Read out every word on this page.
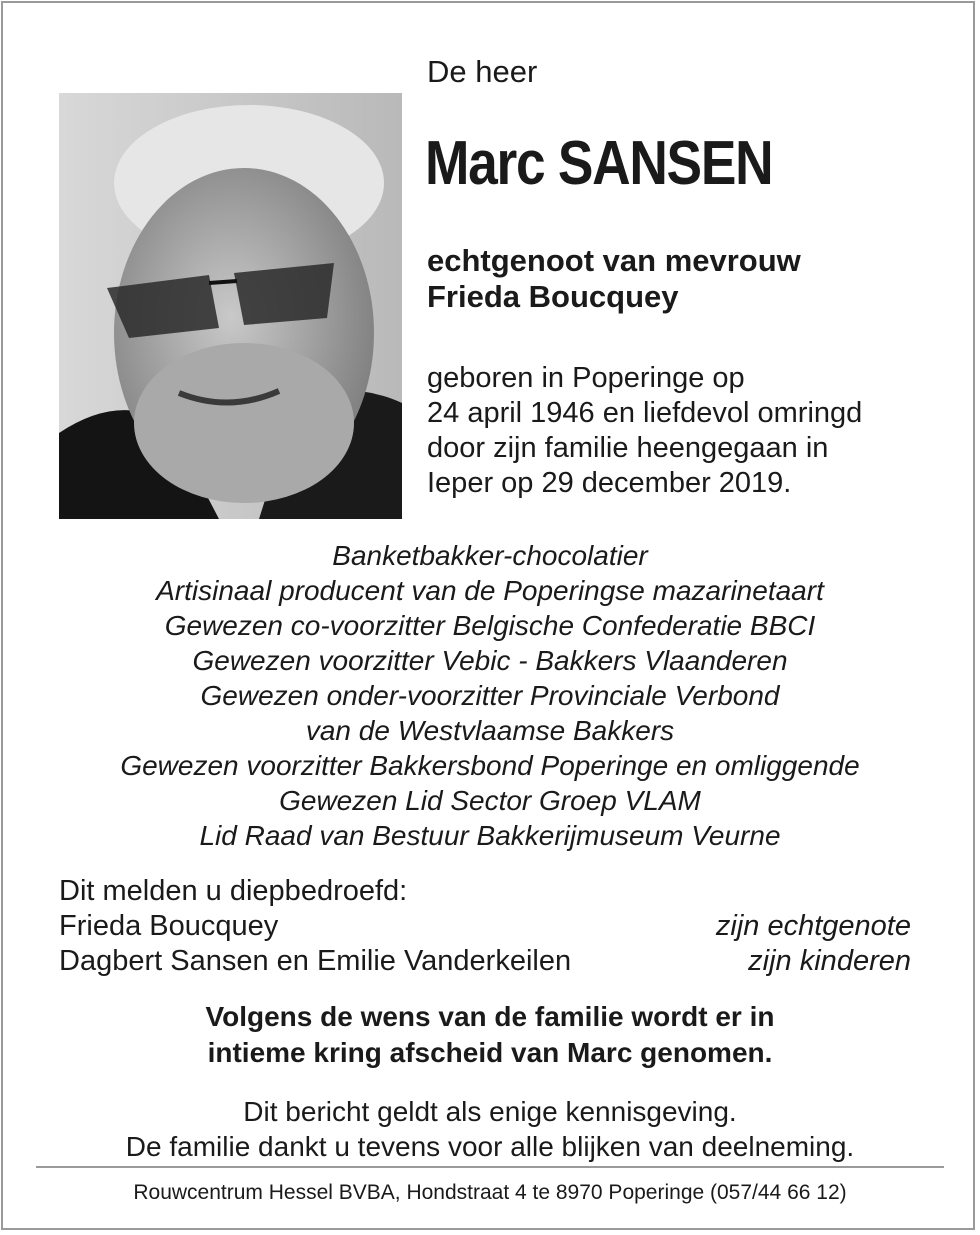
De heer
Marc SANSEN
echtgenoot van mevrouw
Frieda Boucquey
geboren in Poperinge op
24 april 1946 en liefdevol omringd
door zijn familie heengegaan in
Ieper op 29 december 2019.
Banketbakker-chocolatier
Artisinaal producent van de Poperingse mazarinetaart
Gewezen co-voorzitter Belgische Confederatie BBCI
Gewezen voorzitter Vebic - Bakkers Vlaanderen
Gewezen onder-voorzitter Provinciale Verbond
van de Westvlaamse Bakkers
Gewezen voorzitter Bakkersbond Poperinge en omliggende
Gewezen Lid Sector Groep VLAM
Lid Raad van Bestuur Bakkerijmuseum Veurne
Dit melden u diepbedroefd:
Frieda Boucquey	zijn echtgenote
Dagbert Sansen en Emilie Vanderkeilen	zijn kinderen
Volgens de wens van de familie wordt er in
intieme kring afscheid van Marc genomen.
Dit bericht geldt als enige kennisgeving.
De familie dankt u tevens voor alle blijken van deelneming.
Rouwcentrum Hessel BVBA, Hondstraat 4 te 8970 Poperinge (057/44 66 12)
